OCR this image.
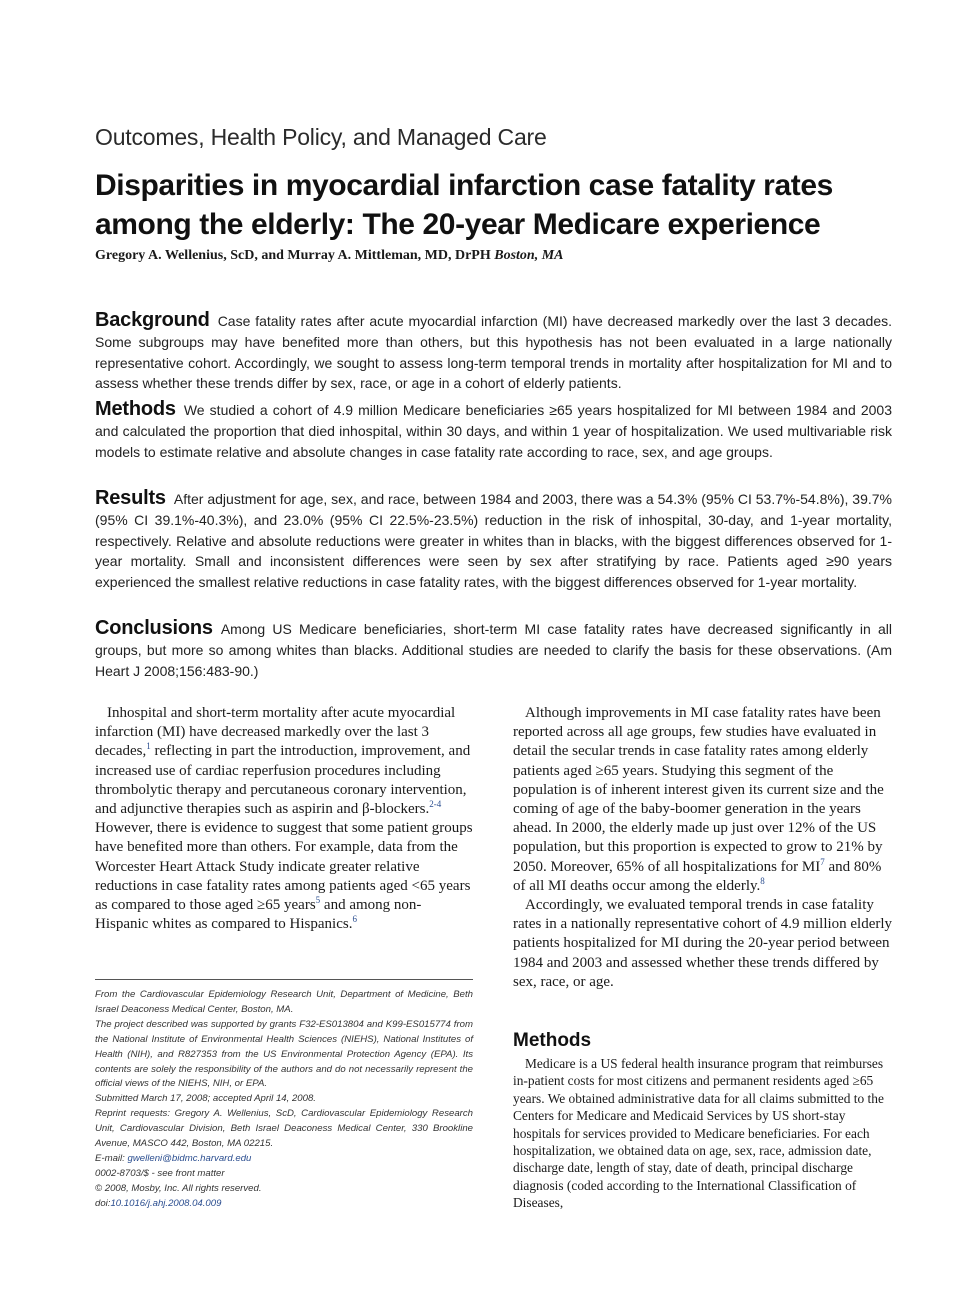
Outcomes, Health Policy, and Managed Care
Disparities in myocardial infarction case fatality rates among the elderly: The 20-year Medicare experience
Gregory A. Wellenius, ScD, and Murray A. Mittleman, MD, DrPH Boston, MA
Background Case fatality rates after acute myocardial infarction (MI) have decreased markedly over the last 3 decades. Some subgroups may have benefited more than others, but this hypothesis has not been evaluated in a large nationally representative cohort. Accordingly, we sought to assess long-term temporal trends in mortality after hospitalization for MI and to assess whether these trends differ by sex, race, or age in a cohort of elderly patients.
Methods We studied a cohort of 4.9 million Medicare beneficiaries ≥65 years hospitalized for MI between 1984 and 2003 and calculated the proportion that died inhospital, within 30 days, and within 1 year of hospitalization. We used multivariable risk models to estimate relative and absolute changes in case fatality rate according to race, sex, and age groups.
Results After adjustment for age, sex, and race, between 1984 and 2003, there was a 54.3% (95% CI 53.7%-54.8%), 39.7% (95% CI 39.1%-40.3%), and 23.0% (95% CI 22.5%-23.5%) reduction in the risk of inhospital, 30-day, and 1-year mortality, respectively. Relative and absolute reductions were greater in whites than in blacks, with the biggest differences observed for 1-year mortality. Small and inconsistent differences were seen by sex after stratifying by race. Patients aged ≥90 years experienced the smallest relative reductions in case fatality rates, with the biggest differences observed for 1-year mortality.
Conclusions Among US Medicare beneficiaries, short-term MI case fatality rates have decreased significantly in all groups, but more so among whites than blacks. Additional studies are needed to clarify the basis for these observations. (Am Heart J 2008;156:483-90.)

Inhospital and short-term mortality after acute myocardial infarction (MI) have decreased markedly over the last 3 decades,$^1$ reflecting in part the introduction, improvement, and increased use of cardiac reperfusion procedures including thrombolytic therapy and percutaneous coronary intervention, and adjunctive therapies such as aspirin and β-blockers.$^{2-4}$ However, there is evidence to suggest that some patient groups have benefited more than others. For example, data from the Worcester Heart Attack Study indicate greater relative reductions in case fatality rates among patients aged <65 years as compared to those aged ≥65 years$^5$ and among non-Hispanic whites as compared to Hispanics.$^6$

From the Cardiovascular Epidemiology Research Unit, Department of Medicine, Beth Israel Deaconess Medical Center, Boston, MA.
The project described was supported by grants F32-ES013804 and K99-ES015774 from the National Institute of Environmental Health Sciences (NIEHS), National Institutes of Health (NIH), and R827353 from the US Environmental Protection Agency (EPA). Its contents are solely the responsibility of the authors and do not necessarily represent the official views of the NIEHS, NIH, or EPA.
Submitted March 17, 2008; accepted April 14, 2008.
Reprint requests: Gregory A. Wellenius, ScD, Cardiovascular Epidemiology Research Unit, Cardiovascular Division, Beth Israel Deaconess Medical Center, 330 Brookline Avenue, MASCO 442, Boston, MA 02215.
E-mail: gwelleni@bidmc.harvard.edu
0002-8703/$ - see front matter
© 2008, Mosby, Inc. All rights reserved.
doi:10.1016/j.ahj.2008.04.009

Although improvements in MI case fatality rates have been reported across all age groups, few studies have evaluated in detail the secular trends in case fatality rates among elderly patients aged ≥65 years. Studying this segment of the population is of inherent interest given its current size and the coming of age of the baby-boomer generation in the years ahead. In 2000, the elderly made up just over 12% of the US population, but this proportion is expected to grow to 21% by 2050. Moreover, 65% of all hospitalizations for MI$^7$ and 80% of all MI deaths occur among the elderly.$^8$

Accordingly, we evaluated temporal trends in case fatality rates in a nationally representative cohort of 4.9 million elderly patients hospitalized for MI during the 20-year period between 1984 and 2003 and assessed whether these trends differed by sex, race, or age.

Methods

Medicare is a US federal health insurance program that reimburses in-patient costs for most citizens and permanent residents aged ≥65 years. We obtained administrative data for all claims submitted to the Centers for Medicare and Medicaid Services by US short-stay hospitals for services provided to Medicare beneficiaries. For each hospitalization, we obtained data on age, sex, race, admission date, discharge date, length of stay, date of death, principal discharge diagnosis (coded according to the International Classification of Diseases,
